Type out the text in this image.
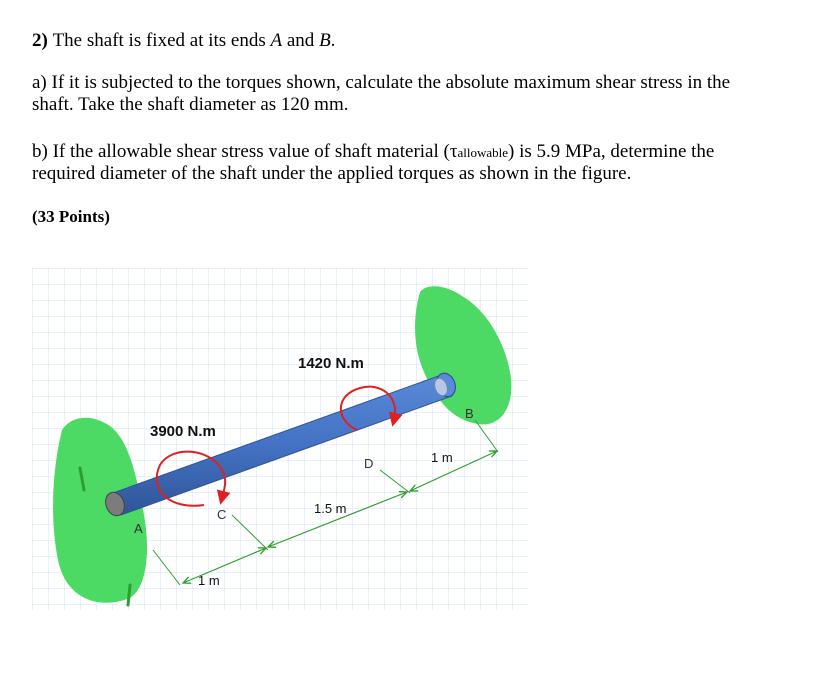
2) The shaft is fixed at its ends A and B.
a) If it is subjected to the torques shown, calculate the absolute maximum shear stress in the
shaft. Take the shaft diameter as 120 mm.
b) If the allowable shear stress value of shaft material (τallowable) is 5.9 MPa, determine the
required diameter of the shaft under the applied torques as shown in the figure.
(33 Points)
3900 N.m
1420 N.m
A
B
C
D
1 m
1.5 m
1 m
